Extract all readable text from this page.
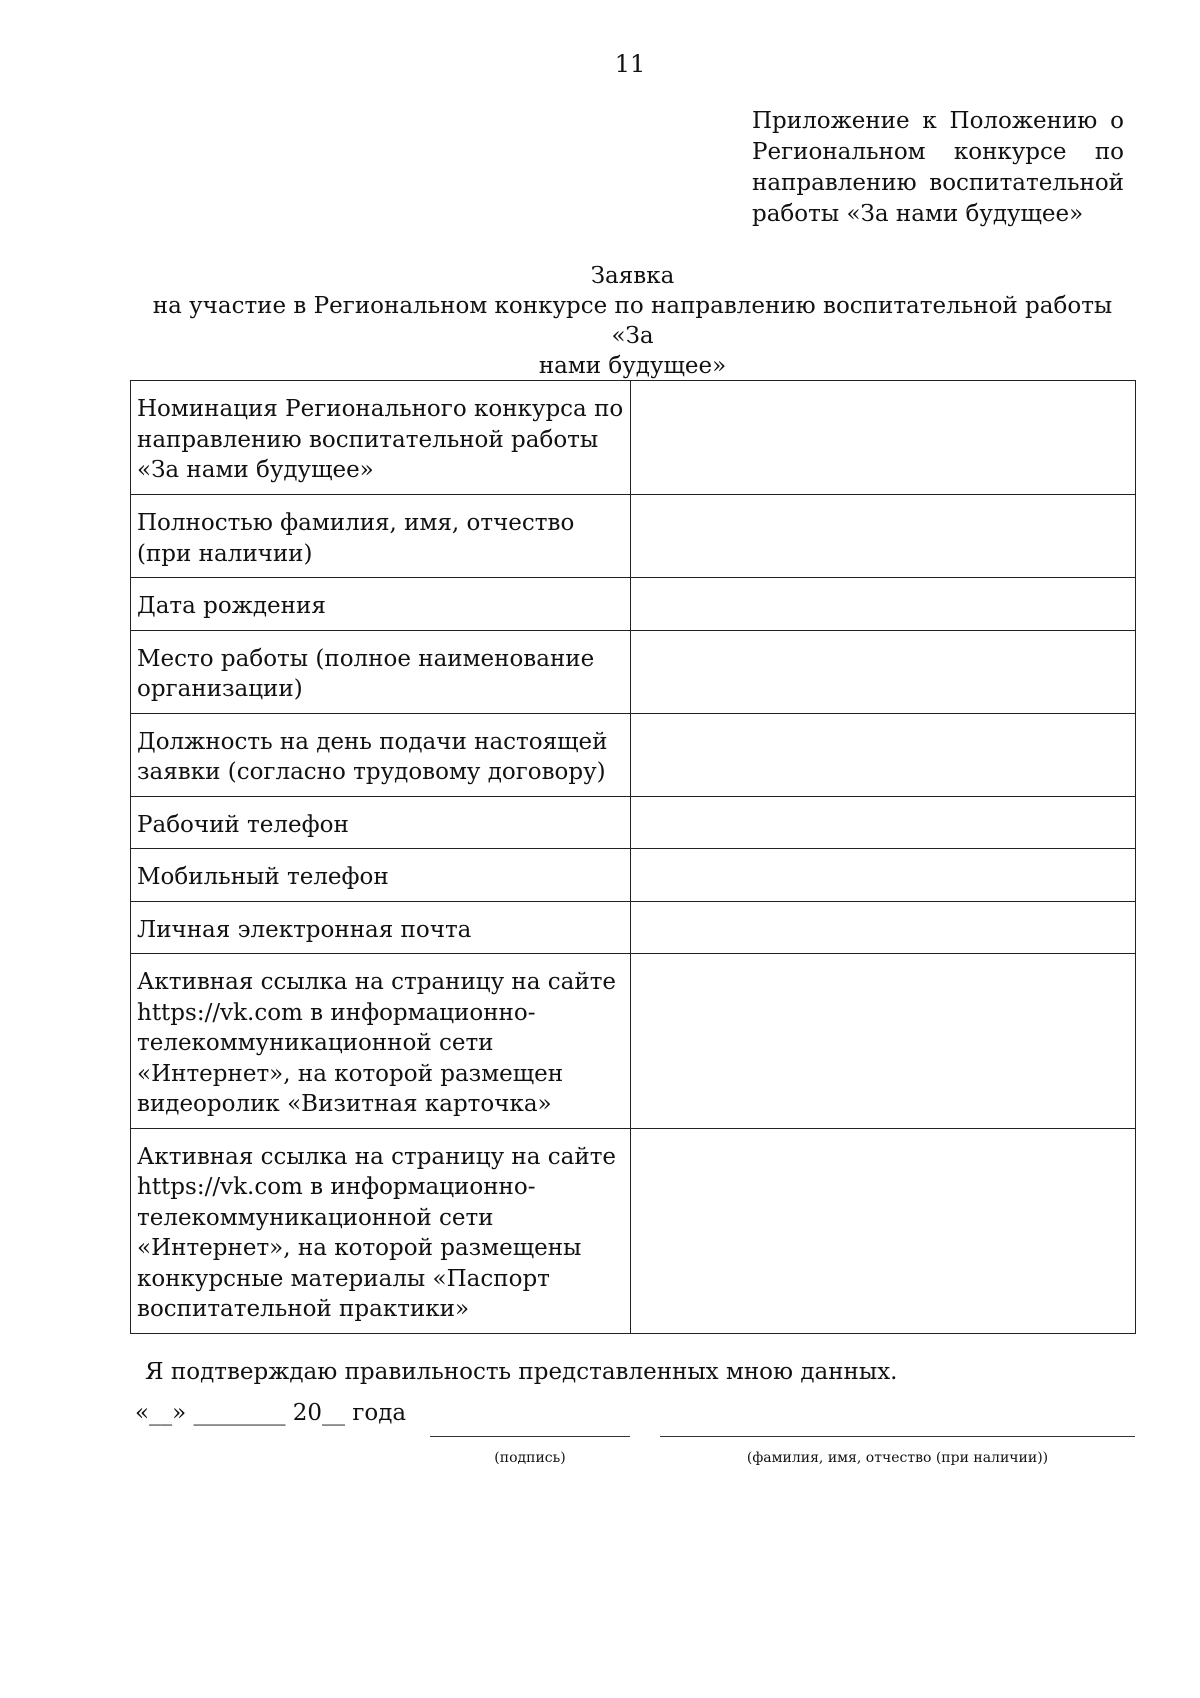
11
Приложение к Положению о
Региональном конкурсе по
направлению воспитательной
работы «За нами будущее»
Заявка
на участие в Региональном конкурсе по направлению воспитательной работы «За
нами будущее»
Номинация Регионального конкурса по направлению воспитательной работы «За нами будущее»	
Полностью фамилия, имя, отчество (при наличии)	
Дата рождения	
Место работы (полное наименование организации)	
Должность на день подачи настоящей заявки (согласно трудовому договору)	
Рабочий телефон	
Мобильный телефон	
Личная электронная почта	
Активная ссылка на страницу на сайте https://vk.com в информационно-телекоммуникационной сети «Интернет», на которой размещен видеоролик «Визитная карточка»	
Активная ссылка на страницу на сайте https://vk.com в информационно-телекоммуникационной сети «Интернет», на которой размещены конкурсные материалы «Паспорт воспитательной практики»	
Я подтверждаю правильность представленных мною данных.
«__» ________ 20__ года
(подпись)	(фамилия, имя, отчество (при наличии))
